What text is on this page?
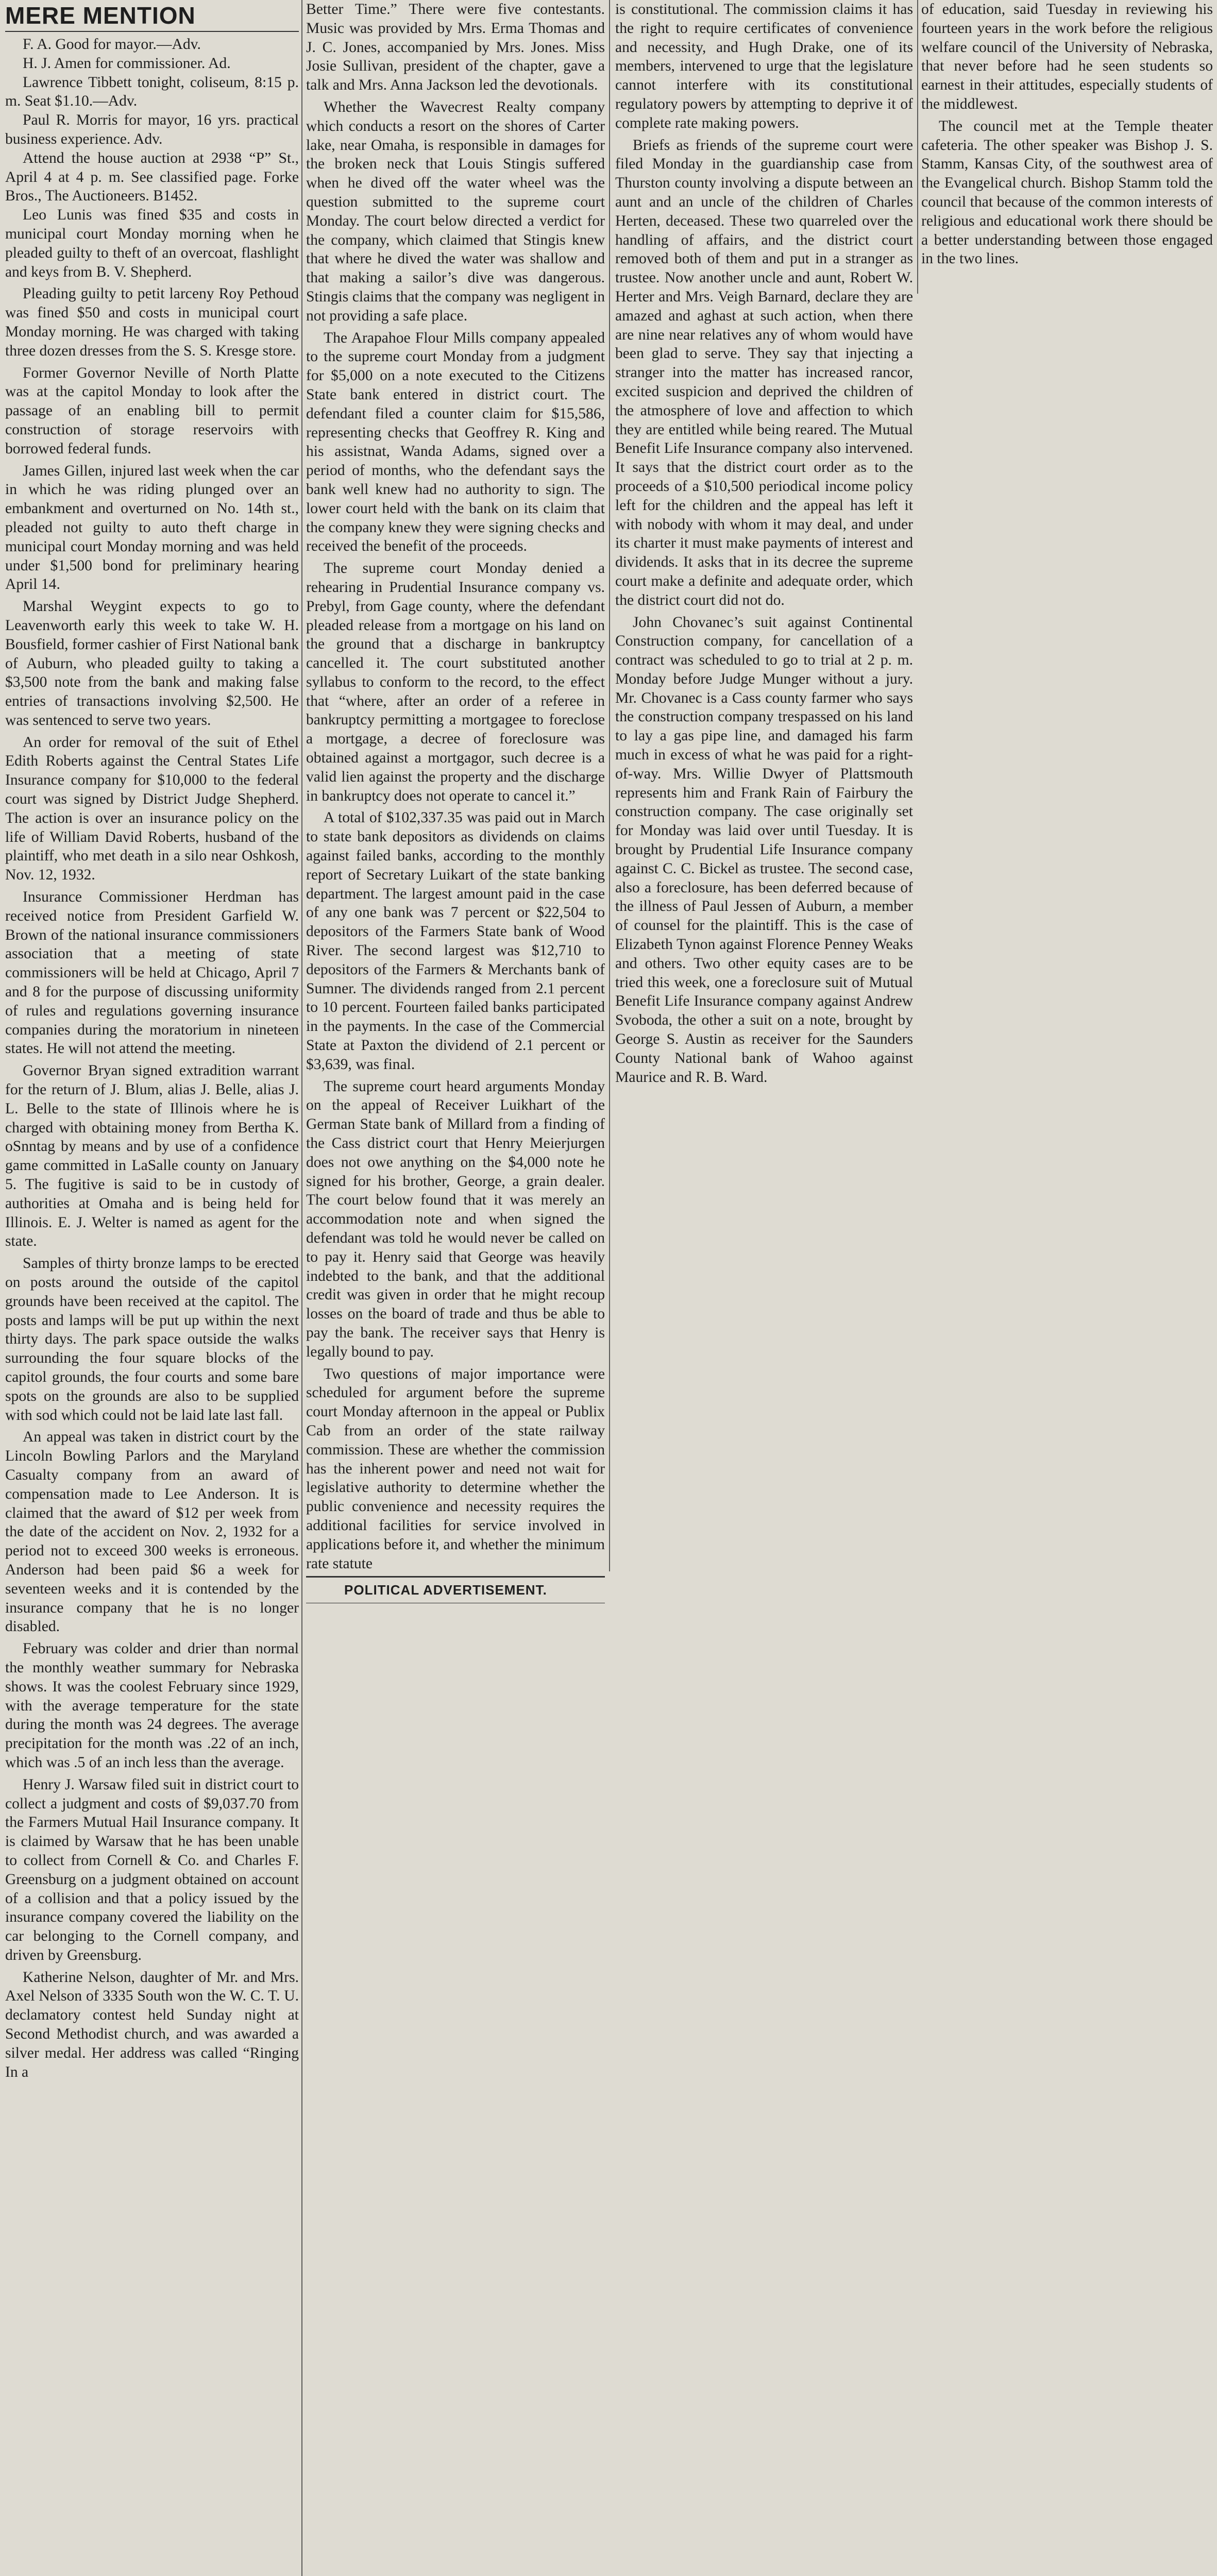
MERE MENTION

F. A. Good for mayor.—Adv.

H. J. Amen for commissioner. Ad.

Lawrence Tibbett tonight, coliseum, 8:15 p. m. Seat $1.10.—Adv.

Paul R. Morris for mayor, 16 yrs. practical business experience. Adv.

Attend the house auction at 2938 “P” St., April 4 at 4 p. m. See classified page. Forke Bros., The Auctioneers. B1452.

Leo Lunis was fined $35 and costs in municipal court Monday morning when he pleaded guilty to theft of an overcoat, flashlight and keys from B. V. Shepherd.

Pleading guilty to petit larceny Roy Pethoud was fined $50 and costs in municipal court Monday morning. He was charged with taking three dozen dresses from the S. S. Kresge store.

Former Governor Neville of North Platte was at the capitol Monday to look after the passage of an enabling bill to permit construction of storage reservoirs with borrowed federal funds.

James Gillen, injured last week when the car in which he was riding plunged over an embankment and overturned on No. 14th st., pleaded not guilty to auto theft charge in municipal court Monday morning and was held under $1,500 bond for preliminary hearing April 14.

Marshal Weygint expects to go to Leavenworth early this week to take W. H. Bousfield, former cashier of First National bank of Auburn, who pleaded guilty to taking a $3,500 note from the bank and making false entries of transactions involving $2,500. He was sentenced to serve two years.

An order for removal of the suit of Ethel Edith Roberts against the Central States Life Insurance company for $10,000 to the federal court was signed by District Judge Shepherd. The action is over an insurance policy on the life of William David Roberts, husband of the plaintiff, who met death in a silo near Oshkosh, Nov. 12, 1932.

Insurance Commissioner Herdman has received notice from President Garfield W. Brown of the national insurance commissioners association that a meeting of state commissioners will be held at Chicago, April 7 and 8 for the purpose of discussing uniformity of rules and regulations governing insurance companies during the moratorium in nineteen states. He will not attend the meeting.

Governor Bryan signed extradition warrant for the return of J. Blum, alias J. Belle, alias J. L. Belle to the state of Illinois where he is charged with obtaining money from Bertha K. oSnntag by means and by use of a confidence game committed in LaSalle county on January 5. The fugitive is said to be in custody of authorities at Omaha and is being held for Illinois. E. J. Welter is named as agent for the state.

Samples of thirty bronze lamps to be erected on posts around the outside of the capitol grounds have been received at the capitol. The posts and lamps will be put up within the next thirty days. The park space outside the walks surrounding the four square blocks of the capitol grounds, the four courts and some bare spots on the grounds are also to be supplied with sod which could not be laid late last fall.

An appeal was taken in district court by the Lincoln Bowling Parlors and the Maryland Casualty company from an award of compensation made to Lee Anderson. It is claimed that the award of $12 per week from the date of the accident on Nov. 2, 1932 for a period not to exceed 300 weeks is erroneous. Anderson had been paid $6 a week for seventeen weeks and it is contended by the insurance company that he is no longer disabled.

February was colder and drier than normal the monthly weather summary for Nebraska shows. It was the coolest February since 1929, with the average temperature for the state during the month was 24 degrees. The average precipitation for the month was .22 of an inch, which was .5 of an inch less than the average.

Henry J. Warsaw filed suit in district court to collect a judgment and costs of $9,037.70 from the Farmers Mutual Hail Insurance company. It is claimed by Warsaw that he has been unable to collect from Cornell & Co. and Charles F. Greensburg on a judgment obtained on account of a collision and that a policy issued by the insurance company covered the liability on the car belonging to the Cornell company, and driven by Greensburg.

Katherine Nelson, daughter of Mr. and Mrs. Axel Nelson of 3335 South won the W. C. T. U. declamatory contest held Sunday night at Second Methodist church, and was awarded a silver medal. Her address was called “Ringing In a

Better Time.” There were five contestants. Music was provided by Mrs. Erma Thomas and J. C. Jones, accompanied by Mrs. Jones. Miss Josie Sullivan, president of the chapter, gave a talk and Mrs. Anna Jackson led the devotionals.

Whether the Wavecrest Realty company which conducts a resort on the shores of Carter lake, near Omaha, is responsible in damages for the broken neck that Louis Stingis suffered when he dived off the water wheel was the question submitted to the supreme court Monday. The court below directed a verdict for the company, which claimed that Stingis knew that where he dived the water was shallow and that making a sailor’s dive was dangerous. Stingis claims that the company was negligent in not providing a safe place.

The Arapahoe Flour Mills company appealed to the supreme court Monday from a judgment for $5,000 on a note executed to the Citizens State bank entered in district court. The defendant filed a counter claim for $15,586, representing checks that Geoffrey R. King and his assistnat, Wanda Adams, signed over a period of months, who the defendant says the bank well knew had no authority to sign. The lower court held with the bank on its claim that the company knew they were signing checks and received the benefit of the proceeds.

The supreme court Monday denied a rehearing in Prudential Insurance company vs. Prebyl, from Gage county, where the defendant pleaded release from a mortgage on his land on the ground that a discharge in bankruptcy cancelled it. The court substituted another syllabus to conform to the record, to the effect that “where, after an order of a referee in bankruptcy permitting a mortgagee to foreclose a mortgage, a decree of foreclosure was obtained against a mortgagor, such decree is a valid lien against the property and the discharge in bankruptcy does not operate to cancel it.”

A total of $102,337.35 was paid out in March to state bank depositors as dividends on claims against failed banks, according to the monthly report of Secretary Luikart of the state banking department. The largest amount paid in the case of any one bank was 7 percent or $22,504 to depositors of the Farmers State bank of Wood River. The second largest was $12,710 to depositors of the Farmers & Merchants bank of Sumner. The dividends ranged from 2.1 percent to 10 percent. Fourteen failed banks participated in the payments. In the case of the Commercial State at Paxton the dividend of 2.1 percent or $3,639, was final.

The supreme court heard arguments Monday on the appeal of Receiver Luikhart of the German State bank of Millard from a finding of the Cass district court that Henry Meierjurgen does not owe anything on the $4,000 note he signed for his brother, George, a grain dealer. The court below found that it was merely an accommodation note and when signed the defendant was told he would never be called on to pay it. Henry said that George was heavily indebted to the bank, and that the additional credit was given in order that he might recoup losses on the board of trade and thus be able to pay the bank. The receiver says that Henry is legally bound to pay.

Two questions of major importance were scheduled for argument before the supreme court Monday afternoon in the appeal or Publix Cab from an order of the state railway commission. These are whether the commission has the inherent power and need not wait for legislative authority to determine whether the public convenience and necessity requires the additional facilities for service involved in applications before it, and whether the minimum rate statute

POLITICAL ADVERTISEMENT.

is constitutional. The commission claims it has the right to require certificates of convenience and necessity, and Hugh Drake, one of its members, intervened to urge that the legislature cannot interfere with its constitutional regulatory powers by attempting to deprive it of complete rate making powers.

Briefs as friends of the supreme court were filed Monday in the guardianship case from Thurston county involving a dispute between an aunt and an uncle of the children of Charles Herten, deceased. These two quarreled over the handling of affairs, and the district court removed both of them and put in a stranger as trustee. Now another uncle and aunt, Robert W. Herter and Mrs. Veigh Barnard, declare they are amazed and aghast at such action, when there are nine near relatives any of whom would have been glad to serve. They say that injecting a stranger into the matter has increased rancor, excited suspicion and deprived the children of the atmosphere of love and affection to which they are entitled while being reared. The Mutual Benefit Life Insurance company also intervened. It says that the district court order as to the proceeds of a $10,500 periodical income policy left for the children and the appeal has left it with nobody with whom it may deal, and under its charter it must make payments of interest and dividends. It asks that in its decree the supreme court make a definite and adequate order, which the district court did not do.

John Chovanec’s suit against Continental Construction company, for cancellation of a contract was scheduled to go to trial at 2 p. m. Monday before Judge Munger without a jury. Mr. Chovanec is a Cass county farmer who says the construction company trespassed on his land to lay a gas pipe line, and damaged his farm much in excess of what he was paid for a right-of-way. Mrs. Willie Dwyer of Plattsmouth represents him and Frank Rain of Fairbury the construction company. The case originally set for Monday was laid over until Tuesday. It is brought by Prudential Life Insurance company against C. C. Bickel as trustee. The second case, also a foreclosure, has been deferred because of the illness of Paul Jessen of Auburn, a member of counsel for the plaintiff. This is the case of Elizabeth Tynon against Florence Penney Weaks and others. Two other equity cases are to be tried this week, one a foreclosure suit of Mutual Benefit Life Insurance company against Andrew Svoboda, the other a suit on a note, brought by George S. Austin as receiver for the Saunders County National bank of Wahoo against Maurice and R. B. Ward.

of education, said Tuesday in reviewing his fourteen years in the work before the religious welfare council of the University of Nebraska, that never before had he seen students so earnest in their attitudes, especially students of the middlewest.

The council met at the Temple theater cafeteria. The other speaker was Bishop J. S. Stamm, Kansas City, of the southwest area of the Evangelical church. Bishop Stamm told the council that because of the common interests of religious and educational work there should be a better understanding between those engaged in the two lines.
